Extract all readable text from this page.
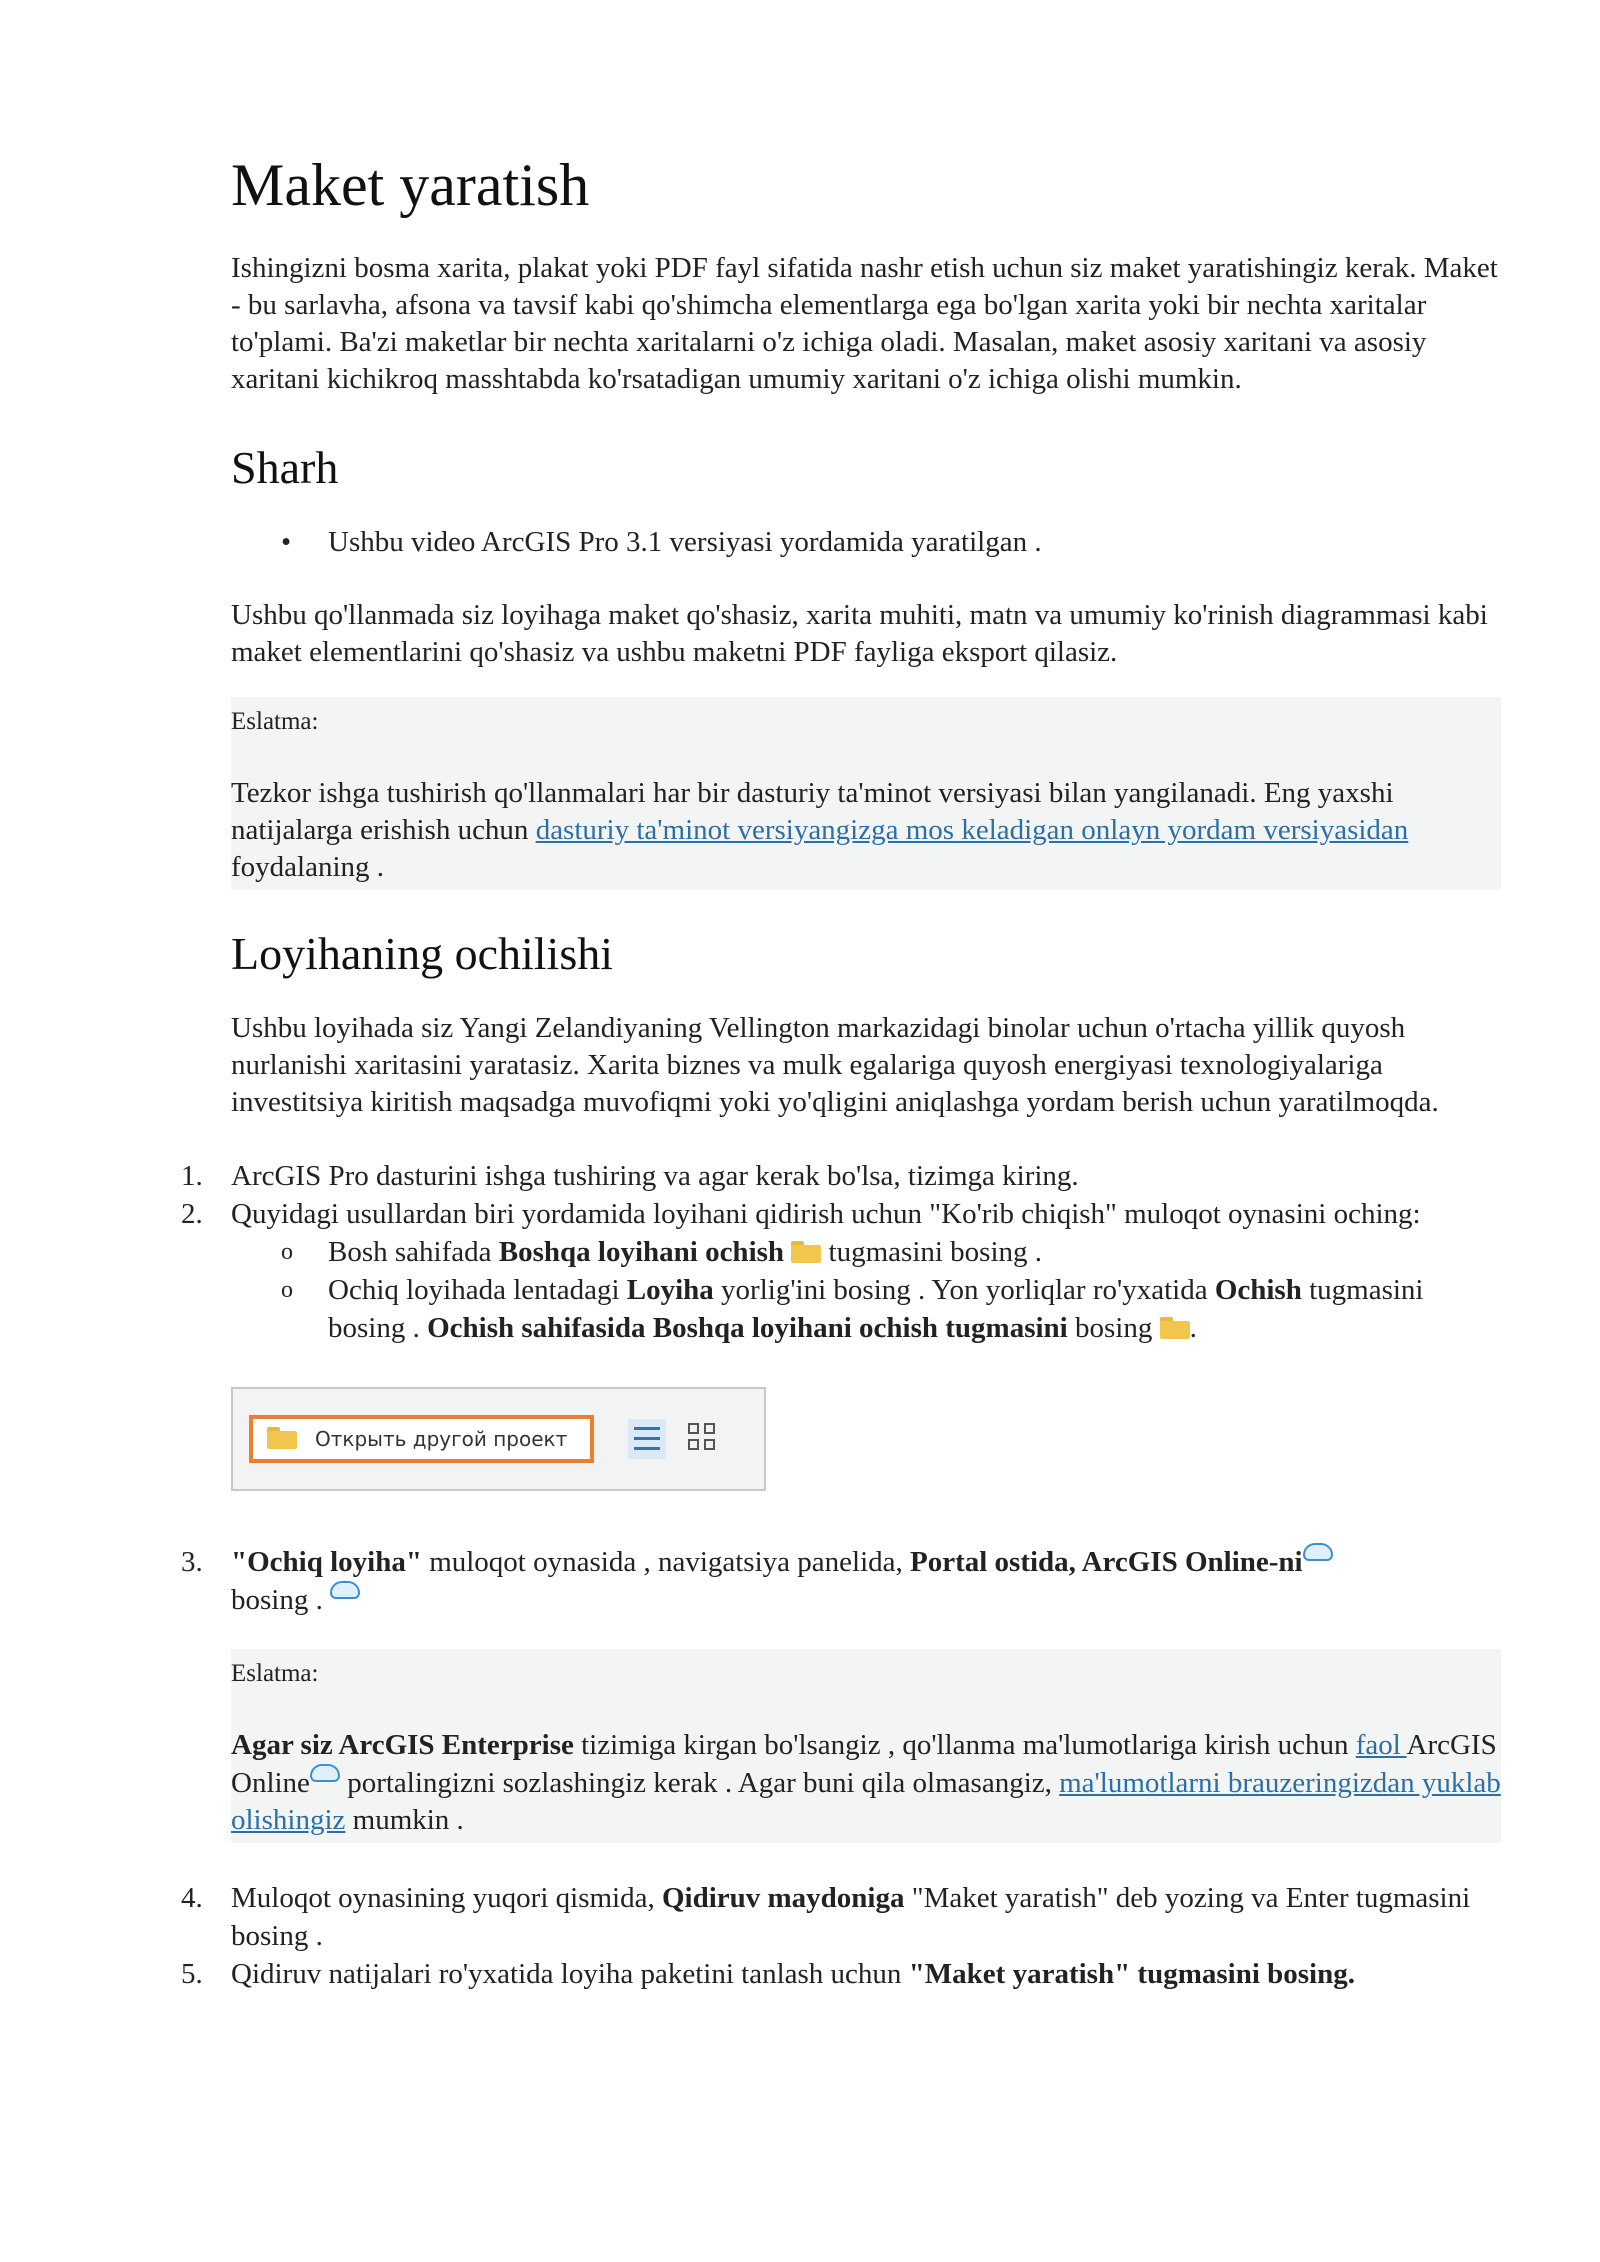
Maket yaratish

Ishingizni bosma xarita, plakat yoki PDF fayl sifatida nashr etish uchun siz maket yaratishingiz kerak. Maket - bu sarlavha, afsona va tavsif kabi qo'shimcha elementlarga ega bo'lgan xarita yoki bir nechta xaritalar to'plami. Ba'zi maketlar bir nechta xaritalarni o'z ichiga oladi. Masalan, maket asosiy xaritani va asosiy xaritani kichikroq masshtabda ko'rsatadigan umumiy xaritani o'z ichiga olishi mumkin.

Sharh
• Ushbu video ArcGIS Pro 3.1 versiyasi yordamida yaratilgan .

Ushbu qo'llanmada siz loyihaga maket qo'shasiz, xarita muhiti, matn va umumiy ko'rinish diagrammasi kabi maket elementlarini qo'shasiz va ushbu maketni PDF fayliga eksport qilasiz.

Eslatma:

Tezkor ishga tushirish qo'llanmalari har bir dasturiy ta'minot versiyasi bilan yangilanadi. Eng yaxshi natijalarga erishish uchun dasturiy ta'minot versiyangizga mos keladigan onlayn yordam versiyasidan foydalaning .

Loyihaning ochilishi

Ushbu loyihada siz Yangi Zelandiyaning Vellington markazidagi binolar uchun o'rtacha yillik quyosh nurlanishi xaritasini yaratasiz. Xarita biznes va mulk egalariga quyosh energiyasi texnologiyalariga investitsiya kiritish maqsadga muvofiqmi yoki yo'qligini aniqlashga yordam berish uchun yaratilmoqda.

1. ArcGIS Pro dasturini ishga tushiring va agar kerak bo'lsa, tizimga kiring.
2. Quyidagi usullardan biri yordamida loyihani qidirish uchun "Ko'rib chiqish" muloqot oynasini oching:
o Bosh sahifada Boshqa loyihani ochish  tugmasini bosing .
o Ochiq loyihada lentadagi Loyiha yorlig'ini bosing . Yon yorliqlar ro'yxatida Ochish tugmasini bosing . Ochish sahifasida Boshqa loyihani ochish tugmasini bosing .
Открыть другой проект
3. "Ochiq loyiha" muloqot oynasida , navigatsiya panelida, Portal ostida, ArcGIS Online-ni
bosing .
Eslatma:

Agar siz ArcGIS Enterprise tizimiga kirgan bo'lsangiz , qo'llanma ma'lumotlariga kirish uchun faol ArcGIS Online portalingizni sozlashingiz kerak . Agar buni qila olmasangiz, ma'lumotlarni brauzeringizdan yuklab olishingiz mumkin .

4. Muloqot oynasining yuqori qismida, Qidiruv maydoniga "Maket yaratish" deb yozing va Enter tugmasini bosing .
5. Qidiruv natijalari ro'yxatida loyiha paketini tanlash uchun "Maket yaratish" tugmasini bosing.
